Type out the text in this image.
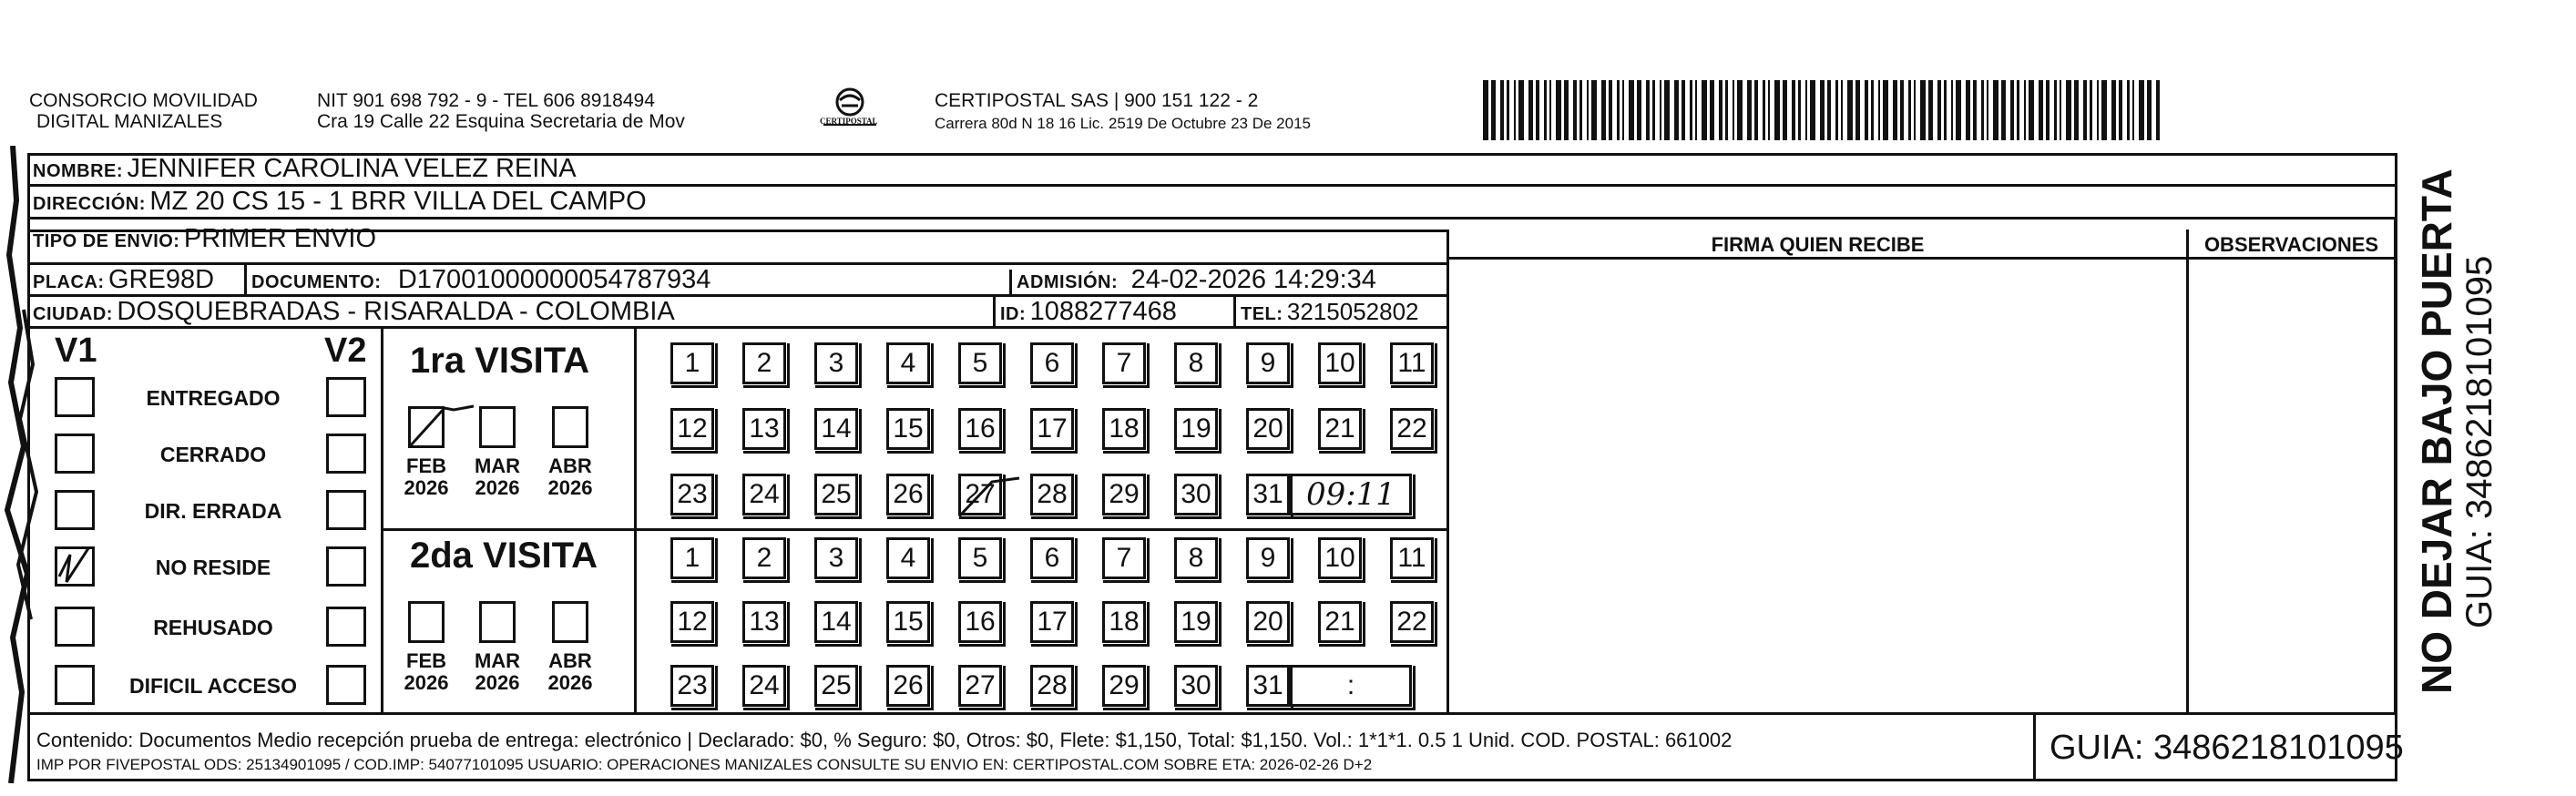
CONSORCIO MOVILIDAD
DIGITAL MANIZALES
NIT 901 698 792 - 9 - TEL 606 8918494
Cra 19 Calle 22 Esquina Secretaria de Mov	CERTIPOSTAL
CERTIPOSTAL SAS | 900 151 122 - 2
Carrera 80d N 18 16 Lic. 2519 De Octubre 23 De 2015
NOMBRE: JENNIFER CAROLINA VELEZ REINA
DIRECCIÓN: MZ 20 CS 15 - 1 BRR VILLA DEL CAMPO
TIPO DE ENVIO: PRIMER ENVIO	FIRMA QUIEN RECIBE	OBSERVACIONES
PLACA: GRE98D DOCUMENTO: D17001000000054787934	ADMISIÓN: 24-02-2026 14:29:34
CIUDAD: DOSQUEBRADAS - RISARALDA - COLOMBIA	ID: 1088277468	TEL: 3215052802
V1	V2
ENTREGADO
CERRADO
DIR. ERRADA
NO RESIDE
REHUSADO
DIFICIL ACCESO
1ra VISITA
FEB
2026
MAR
2026
ABR
2026
1	2	3	4	5	6	7	8	9	10 11
12 13 14 15 16 17 18 19 20 21 22
23 24 25 26 27 28 29 30 31 09:11
2da VISITA
FEB
2026
MAR
2026
ABR
2026
1	2	3	4	5	6	7	8	9	10 11
12 13 14 15 16 17 18 19 20 21 22
23 24 25 26 27 28 29 30 31	:
Contenido: Documentos Medio recepción prueba de entrega: electrónico | Declarado: $0, % Seguro: $0, Otros: $0, Flete: $1,150, Total: $1,150. Vol.: 1*1*1. 0.5 1 Unid. COD. POSTAL: 661002
IMP POR FIVEPOSTAL ODS: 25134901095 / COD.IMP: 54077101095 USUARIO: OPERACIONES MANIZALES CONSULTE SU ENVIO EN: CERTIPOSTAL.COM SOBRE ETA: 2026-02-26 D+2	GUIA: 3486218101095
NO DEJAR BAJO PUERTA GUIA: 3486218101095
